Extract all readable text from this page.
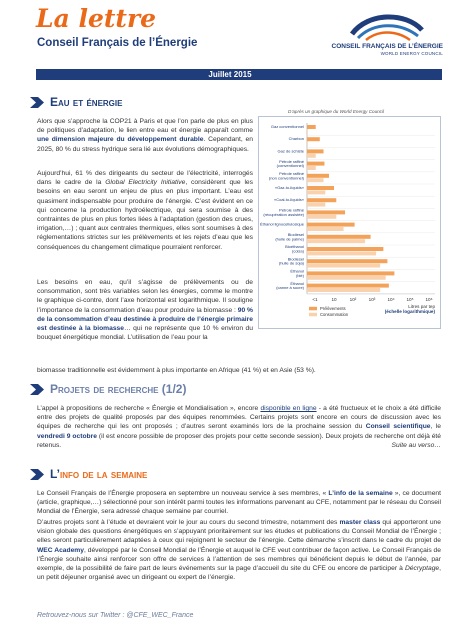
La lettre
Conseil Français de l’Énergie	CONSEIL FRANÇAIS DE L’ÉNERGIE
WORLD ENERGY COUNCIL
Juillet 2015
Eau et énergie
Alors que s’approche la COP21 à Paris et que l’on parle de plus en plus de politiques d’adaptation, le lien entre eau et énergie apparaît comme une dimension majeure du développement durable. Cependant, en 2025, 80 % du stress hydrique sera lié aux évolutions démographiques.
Aujourd’hui, 61 % des dirigeants du secteur de l’électricité, interrogés dans le cadre de la Global Electricity Initiative, considèrent que les besoins en eau seront un enjeu de plus en plus important. L’eau est quasiment indispensable pour produire de l’énergie. C’est évident en ce qui concerne la production hydroélectrique, qui sera soumise à des contraintes de plus en plus fortes liées à l’adaptation (gestion des crues, irrigation,…) ; quant aux centrales thermiques, elles sont soumises à des réglementations strictes sur les prélèvements et les rejets d’eau que les conséquences du changement climatique pourraient renforcer.
Les besoins en eau, qu’il s’agisse de prélèvements ou de consommation, sont très variables selon les énergies, comme le montre le graphique ci-contre, dont l’axe horizontal est logarithmique. Il souligne l’importance de la consommation d’eau pour produire la biomasse : 90 % de la consommation d’eau destinée à produire de l’énergie primaire est destinée à la biomasse… qui ne représente que 10 % environ du bouquet énergétique mondial. L’utilisation de l’eau pour la
biomasse traditionnelle est évidemment à plus importante en Afrique (41 %) et en Asie (53 %).
D’après un graphique du World Energy Council
Gaz conventionnel
Charbon
Gaz de schiste
Pétrole raffiné
(conventionnel)
Pétrole raffiné
(non conventionnel)
«Gaz-to-liquids»
«Coal-to-liquids»
Pétrole raffiné
(récupération assistée)
Éthanol lignocellulosique
Biodiesel
(huile de palme)
Bioéthanol
(colza)
Biodiesel
(huile de soja)
Éthanol
(blé)
Éthanol
(canne à sucre)
<1	10	10²	10³	10⁴	10⁵	10⁶
Litres par tep
(échelle logarithmique)
Prélèvements
Consommation
Projets de recherche (1/2)
L’appel à propositions de recherche « Énergie et Mondialisation », encore disponible en ligne - a été fructueux et le choix a été difficile entre des projets de qualité proposés par des équipes renommées. Certains projets sont encore en cours de discussion avec les équipes de recherche qui les ont proposés ; d’autres seront examinés lors de la prochaine session du Conseil scientifique, le vendredi 9 octobre (il est encore possible de proposer des projets pour cette seconde session). Deux projets de recherche ont déjà été retenus.	Suite au verso…
L’info de la semaine
Le Conseil Français de l’Énergie proposera en septembre un nouveau service à ses membres, « L’info de la semaine », ce document (article, graphique,…) sélectionné pour son intérêt parmi toutes les informations parvenant au CFE, notamment par le réseau du Conseil Mondial de l’Énergie, sera adressé chaque semaine par courriel.
D’autres projets sont à l’étude et devraient voir le jour au cours du second trimestre, notamment des master class qui apporteront une vision globale des questions énergétiques en s’appuyant prioritairement sur les études et publications du Conseil Mondial de l’Énergie ; elles seront particulièrement adaptées à ceux qui rejoignent le secteur de l’énergie. Cette démarche s’inscrit dans le cadre du projet de WEC Academy, développé par le Conseil Mondial de l’Énergie et auquel le CFE veut contribuer de façon active. Le Conseil Français de l’Énergie souhaite ainsi renforcer son offre de services à l’attention de ses membres qui bénéficient depuis le début de l’année, par exemple, de la possibilité de faire part de leurs événements sur la page d’accueil du site du CFE ou encore de participer à Décryptage, un petit déjeuner organisé avec un dirigeant ou expert de l’énergie.
Retrouvez-nous sur Twitter : @CFE_WEC_France
